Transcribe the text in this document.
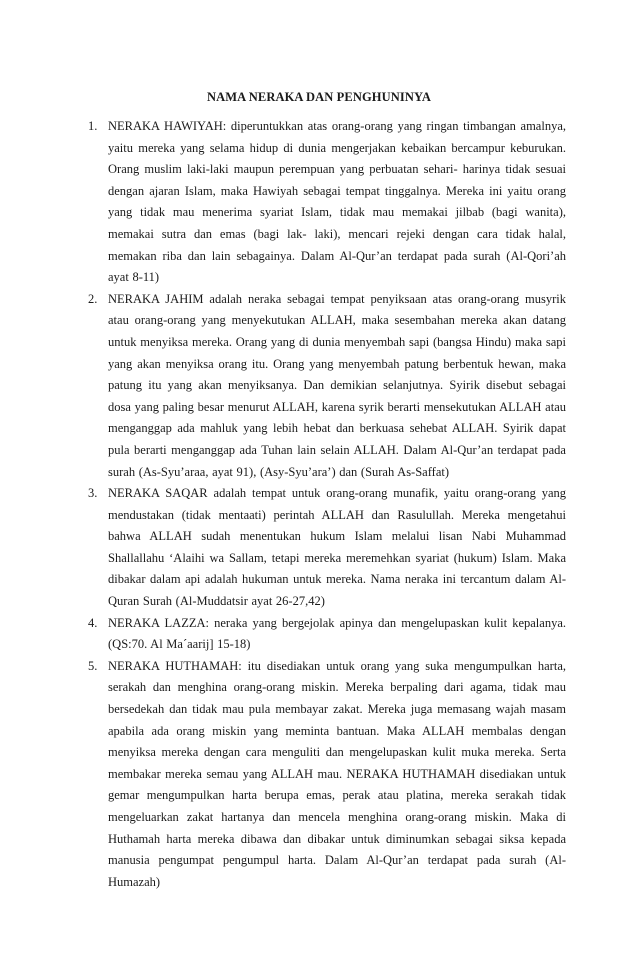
NAMA NERAKA DAN PENGHUNINYA
1. NERAKA HAWIYAH: diperuntukkan atas orang-orang yang ringan timbangan amalnya, yaitu mereka yang selama hidup di dunia mengerjakan kebaikan bercampur keburukan. Orang muslim laki-laki maupun perempuan yang perbuatan sehari- harinya tidak sesuai dengan ajaran Islam, maka Hawiyah sebagai tempat tinggalnya. Mereka ini yaitu orang yang tidak mau menerima syariat Islam, tidak mau memakai jilbab (bagi wanita), memakai sutra dan emas (bagi lak- laki), mencari rejeki dengan cara tidak halal, memakan riba dan lain sebagainya. Dalam Al-Qur’an terdapat pada surah (Al-Qori’ah ayat 8-11)
2. NERAKA JAHIM adalah neraka sebagai tempat penyiksaan atas orang-orang musyrik atau orang-orang yang menyekutukan ALLAH, maka sesembahan mereka akan datang untuk menyiksa mereka. Orang yang di dunia menyembah sapi (bangsa Hindu) maka sapi yang akan menyiksa orang itu. Orang yang menyembah patung berbentuk hewan, maka patung itu yang akan menyiksanya. Dan demikian selanjutnya. Syirik disebut sebagai dosa yang paling besar menurut ALLAH, karena syrik berarti mensekutukan ALLAH atau menganggap ada mahluk yang lebih hebat dan berkuasa sehebat ALLAH. Syirik dapat pula berarti menganggap ada Tuhan lain selain ALLAH. Dalam Al-Qur’an terdapat pada surah (As-Syu’araa, ayat 91), (Asy-Syu’ara’) dan (Surah As-Saffat)
3. NERAKA SAQAR adalah tempat untuk orang-orang munafik, yaitu orang-orang yang mendustakan (tidak mentaati) perintah ALLAH dan Rasulullah. Mereka mengetahui bahwa ALLAH sudah menentukan hukum Islam melalui lisan Nabi Muhammad Shallallahu ‘Alaihi wa Sallam, tetapi mereka meremehkan syariat (hukum) Islam. Maka dibakar dalam api adalah hukuman untuk mereka. Nama neraka ini tercantum dalam Al-Quran Surah (Al-Muddatsir ayat 26-27,42)
4. NERAKA LAZZA: neraka yang bergejolak apinya dan mengelupaskan kulit kepalanya. (QS:70. Al Ma´aarij] 15-18)
5. NERAKA HUTHAMAH: itu disediakan untuk orang yang suka mengumpulkan harta, serakah dan menghina orang-orang miskin. Mereka berpaling dari agama, tidak mau bersedekah dan tidak mau pula membayar zakat. Mereka juga memasang wajah masam apabila ada orang miskin yang meminta bantuan. Maka ALLAH membalas dengan menyiksa mereka dengan cara menguliti dan mengelupaskan kulit muka mereka. Serta membakar mereka semau yang ALLAH mau. NERAKA HUTHAMAH disediakan untuk gemar mengumpulkan harta berupa emas, perak atau platina, mereka serakah tidak mengeluarkan zakat hartanya dan mencela menghina orang-orang miskin. Maka di Huthamah harta mereka dibawa dan dibakar untuk diminumkan sebagai siksa kepada manusia pengumpat pengumpul harta. Dalam Al-Qur’an terdapat pada surah (Al-Humazah)
